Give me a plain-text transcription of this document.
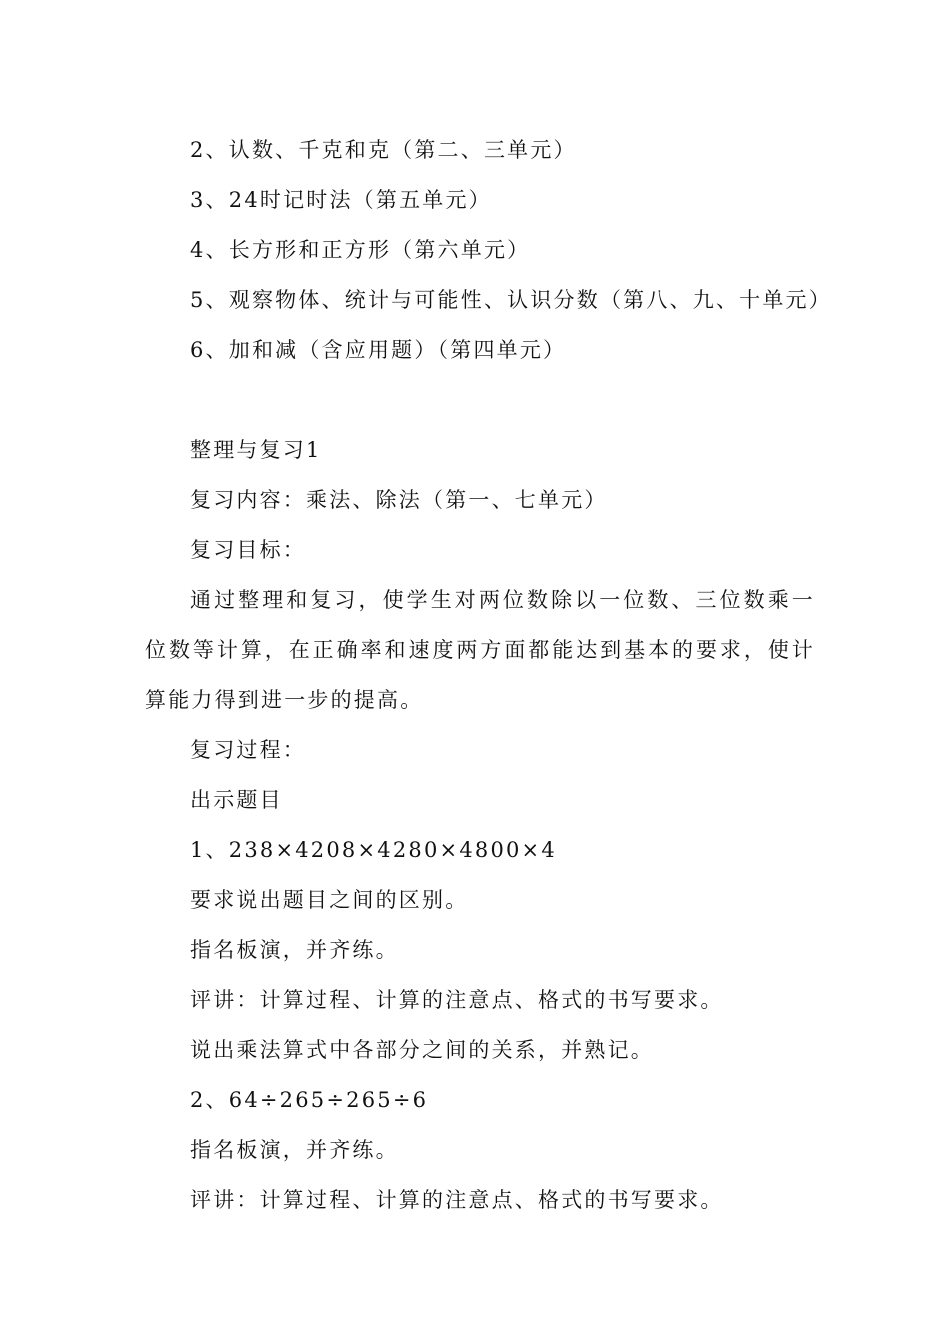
2、认数、千克和克（第二、三单元）
3、24时记时法（第五单元）
4、长方形和正方形（第六单元）
5、观察物体、统计与可能性、认识分数（第八、九、十单元）
6、加和减（含应用题）（第四单元）
整理与复习1
复习内容：乘法、除法（第一、七单元）
复习目标：
通过整理和复习，使学生对两位数除以一位数、三位数乘一位数等计算，在正确率和速度两方面都能达到基本的要求，使计算能力得到进一步的提高。
复习过程：
出示题目
1、238×4208×4280×4800×4
要求说出题目之间的区别。
指名板演，并齐练。
评讲：计算过程、计算的注意点、格式的书写要求。
说出乘法算式中各部分之间的关系，并熟记。
2、64÷265÷265÷6
指名板演，并齐练。
评讲：计算过程、计算的注意点、格式的书写要求。
